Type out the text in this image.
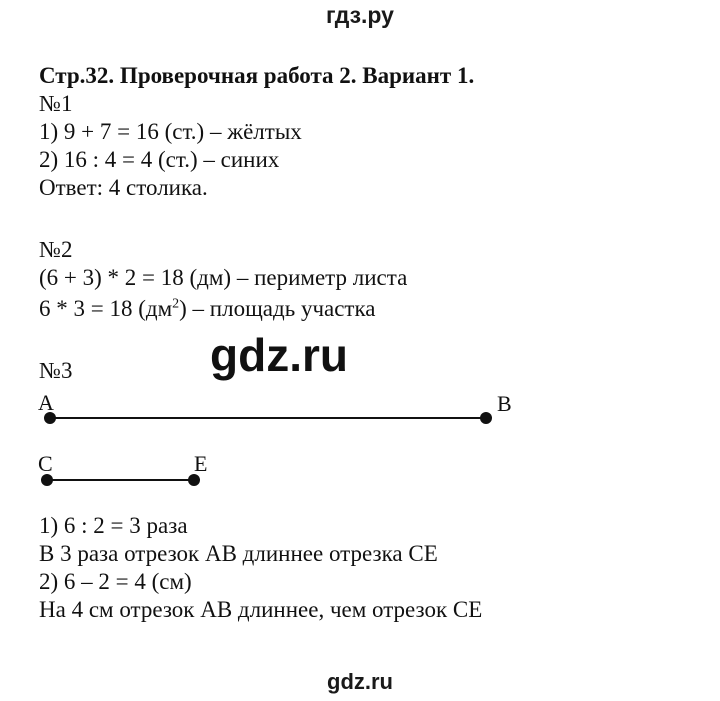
гдз.ру
Стр.32. Проверочная работа 2. Вариант 1.
№1
1) 9 + 7 = 16 (ст.) – жёлтых
2) 16 : 4 = 4 (ст.) – синих
Ответ: 4 столика.
№2
(6 + 3) * 2 = 18 (дм) – периметр листа
6 * 3 = 18 $(дм^2)$ – площадь участка
gdz.ru
№3
A	B
C	E
1) 6 : 2 = 3 раза
В 3 раза отрезок АВ длиннее отрезка СЕ
2) 6 – 2 = 4 (см)
На 4 см отрезок АВ длиннее, чем отрезок СЕ
gdz.ru
